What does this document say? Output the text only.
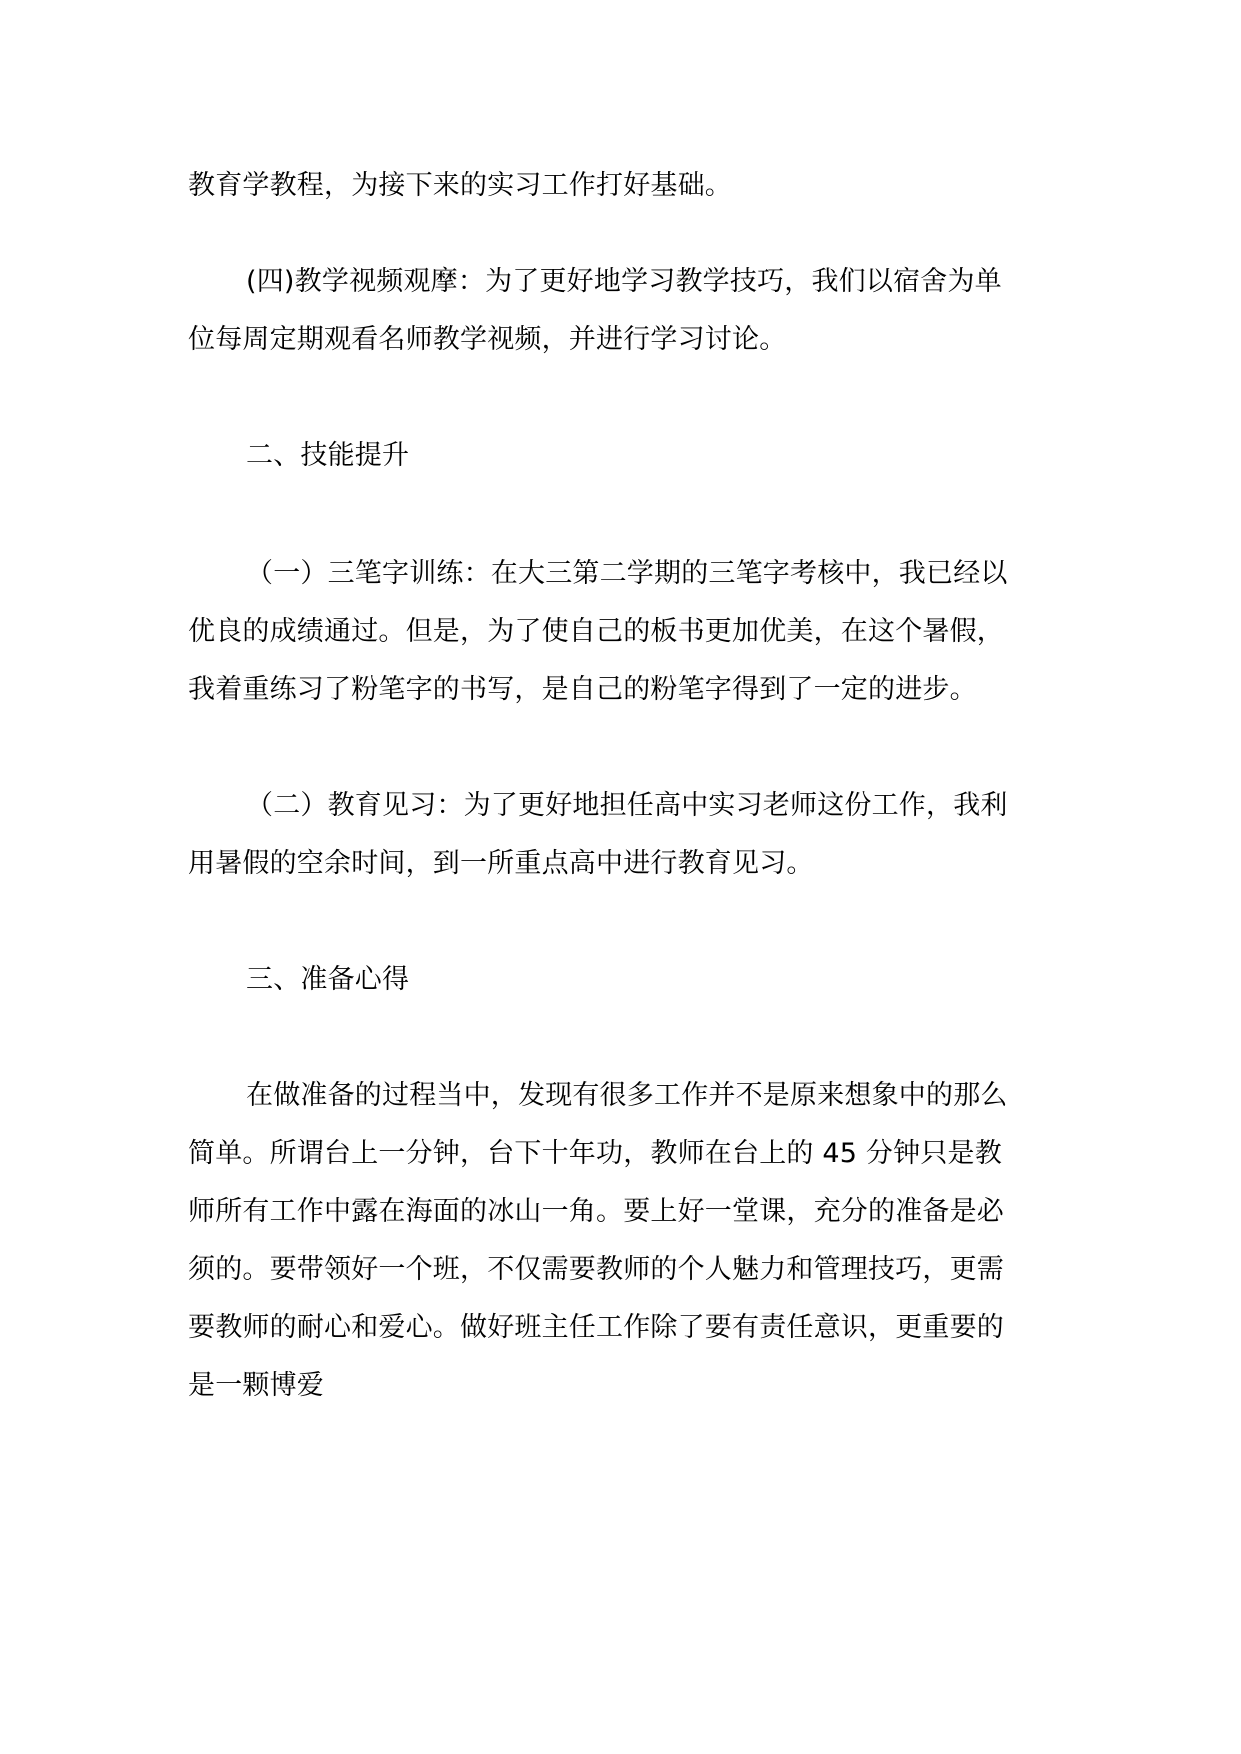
教育学教程，为接下来的实习工作打好基础。
(四)教学视频观摩：为了更好地学习教学技巧，我们以宿舍为单
位每周定期观看名师教学视频，并进行学习讨论。
二、技能提升
（一）三笔字训练：在大三第二学期的三笔字考核中，我已经以
优良的成绩通过。但是，为了使自己的板书更加优美，在这个暑假，
我着重练习了粉笔字的书写，是自己的粉笔字得到了一定的进步。
（二）教育见习：为了更好地担任高中实习老师这份工作，我利
用暑假的空余时间，到一所重点高中进行教育见习。
三、准备心得
在做准备的过程当中，发现有很多工作并不是原来想象中的那么
简单。所谓台上一分钟，台下十年功，教师在台上的 45 分钟只是教
师所有工作中露在海面的冰山一角。要上好一堂课，充分的准备是必
须的。要带领好一个班，不仅需要教师的个人魅力和管理技巧，更需
要教师的耐心和爱心。做好班主任工作除了要有责任意识，更重要的
是一颗博爱
